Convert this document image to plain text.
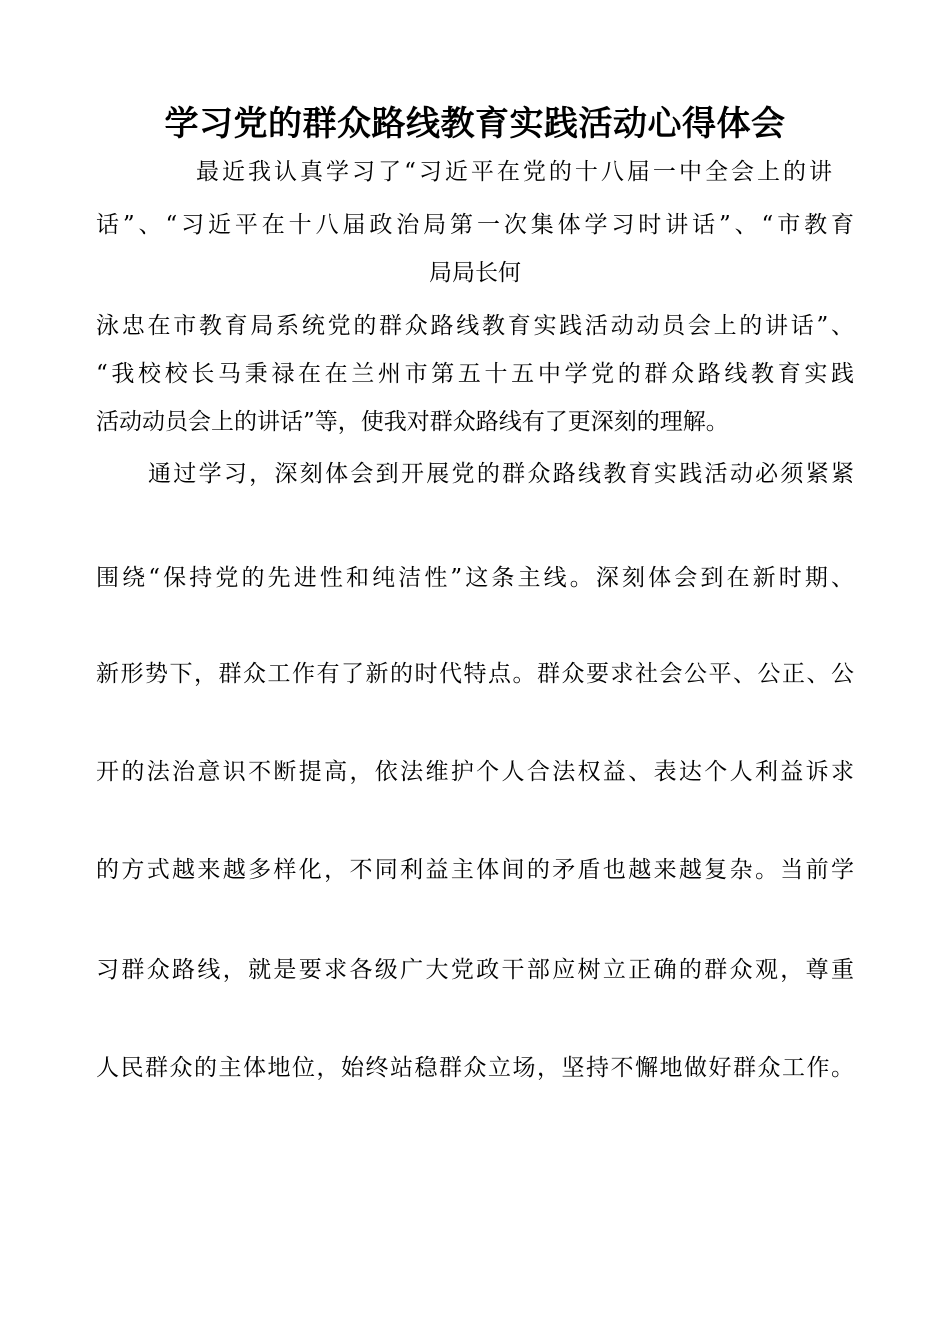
学习党的群众路线教育实践活动心得体会
最近我认真学习了“习近平在党的十八届一中全会上的讲
话”、“习近平在十八届政治局第一次集体学习时讲话”、“市教育
局局长何
泳忠在市教育局系统党的群众路线教育实践活动动员会上的讲话”、
“我校校长马秉禄在在兰州市第五十五中学党的群众路线教育实践
活动动员会上的讲话”等，使我对群众路线有了更深刻的理解。
通过学习，深刻体会到开展党的群众路线教育实践活动必须紧紧
围绕“保持党的先进性和纯洁性”这条主线。深刻体会到在新时期、
新形势下，群众工作有了新的时代特点。群众要求社会公平、公正、公
开的法治意识不断提高，依法维护个人合法权益、表达个人利益诉求
的方式越来越多样化，不同利益主体间的矛盾也越来越复杂。当前学
习群众路线，就是要求各级广大党政干部应树立正确的群众观，尊重
人民群众的主体地位，始终站稳群众立场，坚持不懈地做好群众工作。
